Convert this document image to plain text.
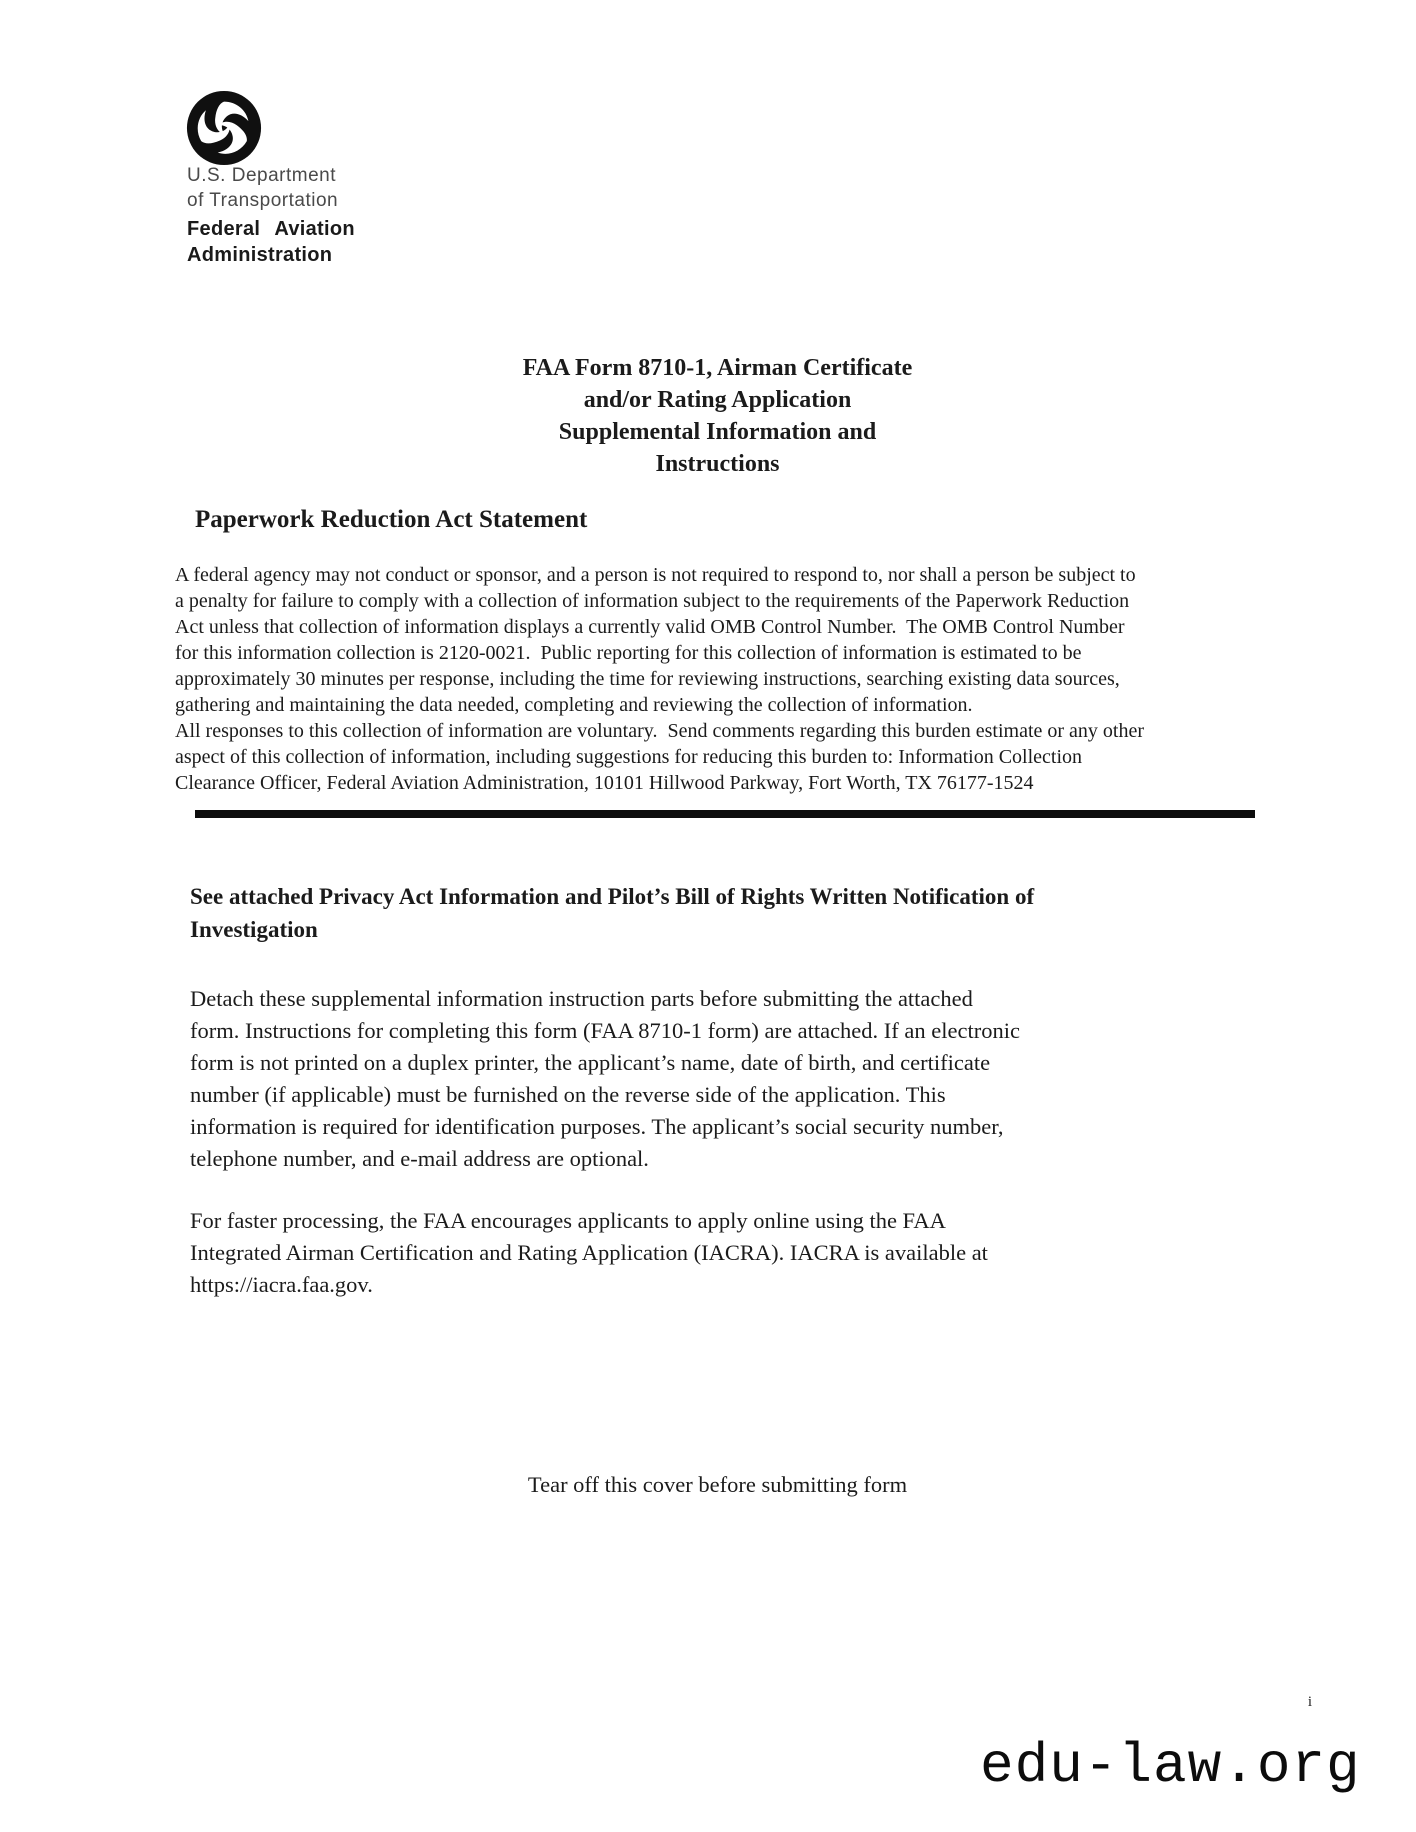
U.S. Department
of Transportation
Federal Aviation
Administration
FAA Form 8710-1, Airman Certificate
and/or Rating Application
Supplemental Information and
Instructions
Paperwork Reduction Act Statement
A federal agency may not conduct or sponsor, and a person is not required to respond to, nor shall a person be subject to
a penalty for failure to comply with a collection of information subject to the requirements of the Paperwork Reduction
Act unless that collection of information displays a currently valid OMB Control Number.  The OMB Control Number
for this information collection is 2120-0021.  Public reporting for this collection of information is estimated to be
approximately 30 minutes per response, including the time for reviewing instructions, searching existing data sources,
gathering and maintaining the data needed, completing and reviewing the collection of information.
All responses to this collection of information are voluntary.  Send comments regarding this burden estimate or any other
aspect of this collection of information, including suggestions for reducing this burden to: Information Collection
Clearance Officer, Federal Aviation Administration, 10101 Hillwood Parkway, Fort Worth, TX 76177-1524
See attached Privacy Act Information and Pilot’s Bill of Rights Written Notification of
Investigation
Detach these supplemental information instruction parts before submitting the attached
form. Instructions for completing this form (FAA 8710-1 form) are attached. If an electronic
form is not printed on a duplex printer, the applicant’s name, date of birth, and certificate
number (if applicable) must be furnished on the reverse side of the application. This
information is required for identification purposes. The applicant’s social security number,
telephone number, and e-mail address are optional.
For faster processing, the FAA encourages applicants to apply online using the FAA
Integrated Airman Certification and Rating Application (IACRA). IACRA is available at
https://iacra.faa.gov.
Tear off this cover before submitting form
i
edu-law.org
